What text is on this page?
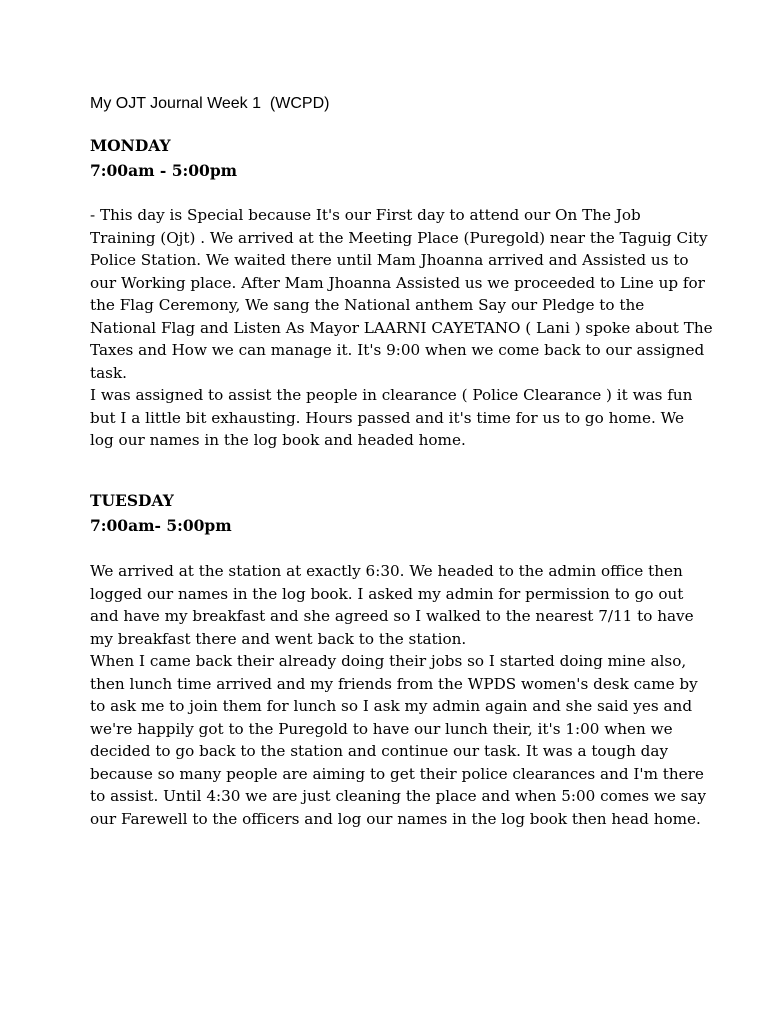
My OJT Journal Week 1  (WCPD)
MONDAY
7:00am - 5:00pm
- This day is Special because It's our First day to attend our On The Job
Training (Ojt) . We arrived at the Meeting Place (Puregold) near the Taguig City
Police Station. We waited there until Mam Jhoanna arrived and Assisted us to
our Working place. After Mam Jhoanna Assisted us we proceeded to Line up for
the Flag Ceremony, We sang the National anthem Say our Pledge to the
National Flag and Listen As Mayor LAARNI CAYETANO ( Lani ) spoke about The
Taxes and How we can manage it. It's 9:00 when we come back to our assigned
task.
I was assigned to assist the people in clearance ( Police Clearance ) it was fun
but I a little bit exhausting. Hours passed and it's time for us to go home. We
log our names in the log book and headed home.
TUESDAY
7:00am- 5:00pm
We arrived at the station at exactly 6:30. We headed to the admin office then
logged our names in the log book. I asked my admin for permission to go out
and have my breakfast and she agreed so I walked to the nearest 7/11 to have
my breakfast there and went back to the station.
When I came back their already doing their jobs so I started doing mine also,
then lunch time arrived and my friends from the WPDS women's desk came by
to ask me to join them for lunch so I ask my admin again and she said yes and
we're happily got to the Puregold to have our lunch their, it's 1:00 when we
decided to go back to the station and continue our task. It was a tough day
because so many people are aiming to get their police clearances and I'm there
to assist. Until 4:30 we are just cleaning the place and when 5:00 comes we say
our Farewell to the officers and log our names in the log book then head home.
